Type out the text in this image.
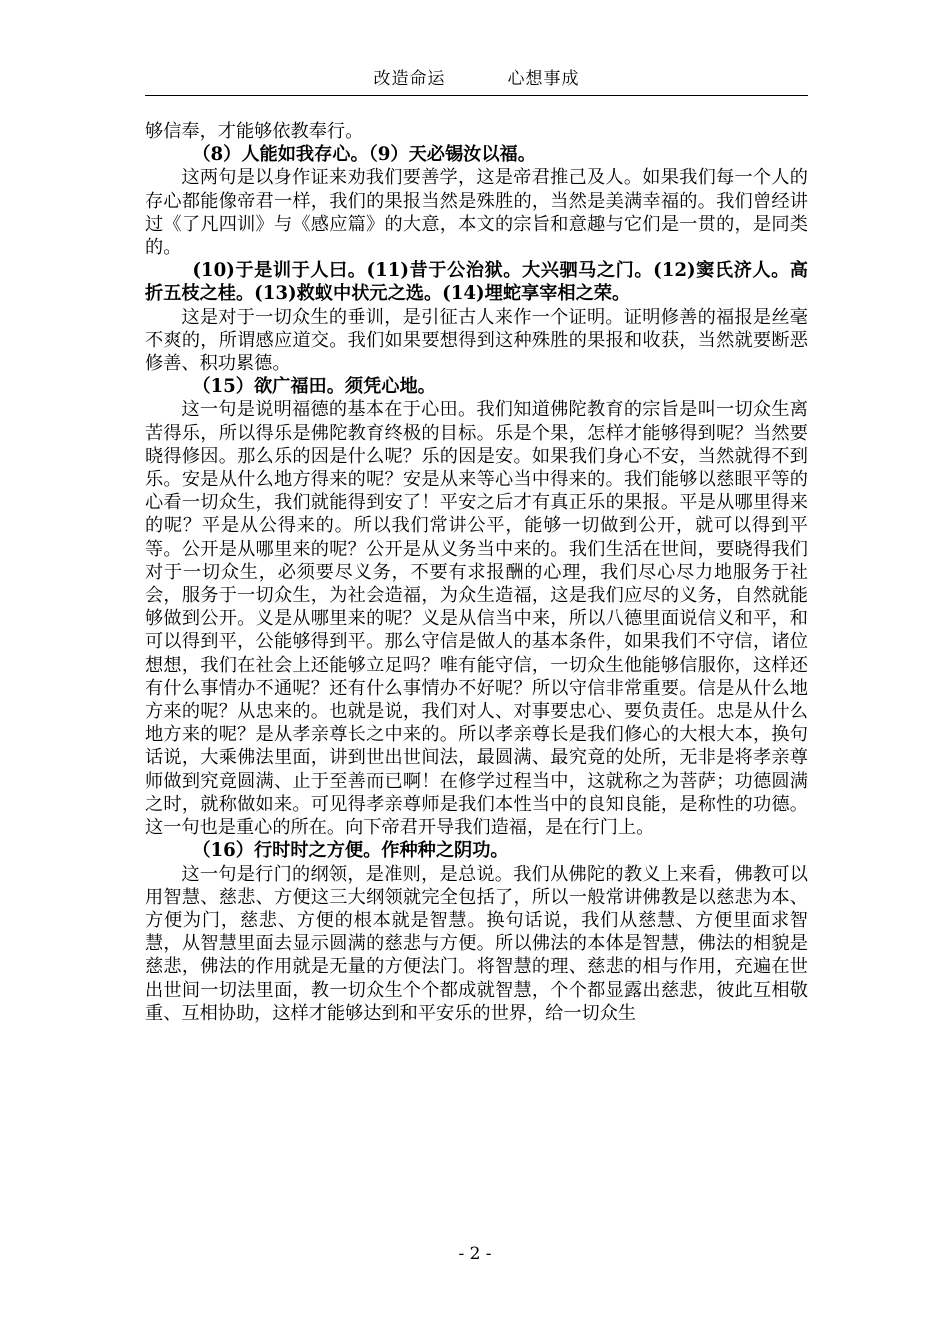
改造命运	心想事成

够信奉，才能够依教奉行。

（8）人能如我存心。（9）天必锡汝以福。

这两句是以身作证来劝我们要善学，这是帝君推己及人。如果我们每一个人的存心都能像帝君一样，我们的果报当然是殊胜的，当然是美满幸福的。我们曾经讲过《了凡四训》与《感应篇》的大意，本文的宗旨和意趣与它们是一贯的，是同类的。

(10)于是训于人曰。(11)昔于公治狱。大兴驷马之门。(12)窦氏济人。高折五枝之桂。(13)救蚁中状元之选。(14)埋蛇享宰相之荣。

这是对于一切众生的垂训，是引征古人来作一个证明。证明修善的福报是丝毫不爽的，所谓感应道交。我们如果要想得到这种殊胜的果报和收获，当然就要断恶修善、积功累德。

（15）欲广福田。须凭心地。

这一句是说明福德的基本在于心田。我们知道佛陀教育的宗旨是叫一切众生离苦得乐，所以得乐是佛陀教育终极的目标。乐是个果，怎样才能够得到呢？当然要晓得修因。那么乐的因是什么呢？乐的因是安。如果我们身心不安，当然就得不到乐。安是从什么地方得来的呢？安是从来等心当中得来的。我们能够以慈眼平等的心看一切众生，我们就能得到安了！平安之后才有真正乐的果报。平是从哪里得来的呢？平是从公得来的。所以我们常讲公平，能够一切做到公开，就可以得到平等。公开是从哪里来的呢？公开是从义务当中来的。我们生活在世间，要晓得我们对于一切众生，必须要尽义务，不要有求报酬的心理，我们尽心尽力地服务于社会，服务于一切众生，为社会造福，为众生造福，这是我们应尽的义务，自然就能够做到公开。义是从哪里来的呢？义是从信当中来，所以八德里面说信义和平，和可以得到平，公能够得到平。那么守信是做人的基本条件，如果我们不守信，诸位想想，我们在社会上还能够立足吗？唯有能守信，一切众生他能够信服你，这样还有什么事情办不通呢？还有什么事情办不好呢？所以守信非常重要。信是从什么地方来的呢？从忠来的。也就是说，我们对人、对事要忠心、要负责任。忠是从什么地方来的呢？是从孝亲尊长之中来的。所以孝亲尊长是我们修心的大根大本，换句话说，大乘佛法里面，讲到世出世间法，最圆满、最究竟的处所，无非是将孝亲尊师做到究竟圆满、止于至善而已啊！在修学过程当中，这就称之为菩萨；功德圆满之时，就称做如来。可见得孝亲尊师是我们本性当中的良知良能，是称性的功德。这一句也是重心的所在。向下帝君开导我们造福，是在行门上。

（16）行时时之方便。作种种之阴功。

这一句是行门的纲领，是准则，是总说。我们从佛陀的教义上来看，佛教可以用智慧、慈悲、方便这三大纲领就完全包括了，所以一般常讲佛教是以慈悲为本、方便为门，慈悲、方便的根本就是智慧。换句话说，我们从慈慧、方便里面求智慧，从智慧里面去显示圆满的慈悲与方便。所以佛法的本体是智慧，佛法的相貌是慈悲，佛法的作用就是无量的方便法门。将智慧的理、慈悲的相与作用，充遍在世出世间一切法里面，教一切众生个个都成就智慧，个个都显露出慈悲，彼此互相敬重、互相协助，这样才能够达到和平安乐的世界，给一切众生

- 2 -
